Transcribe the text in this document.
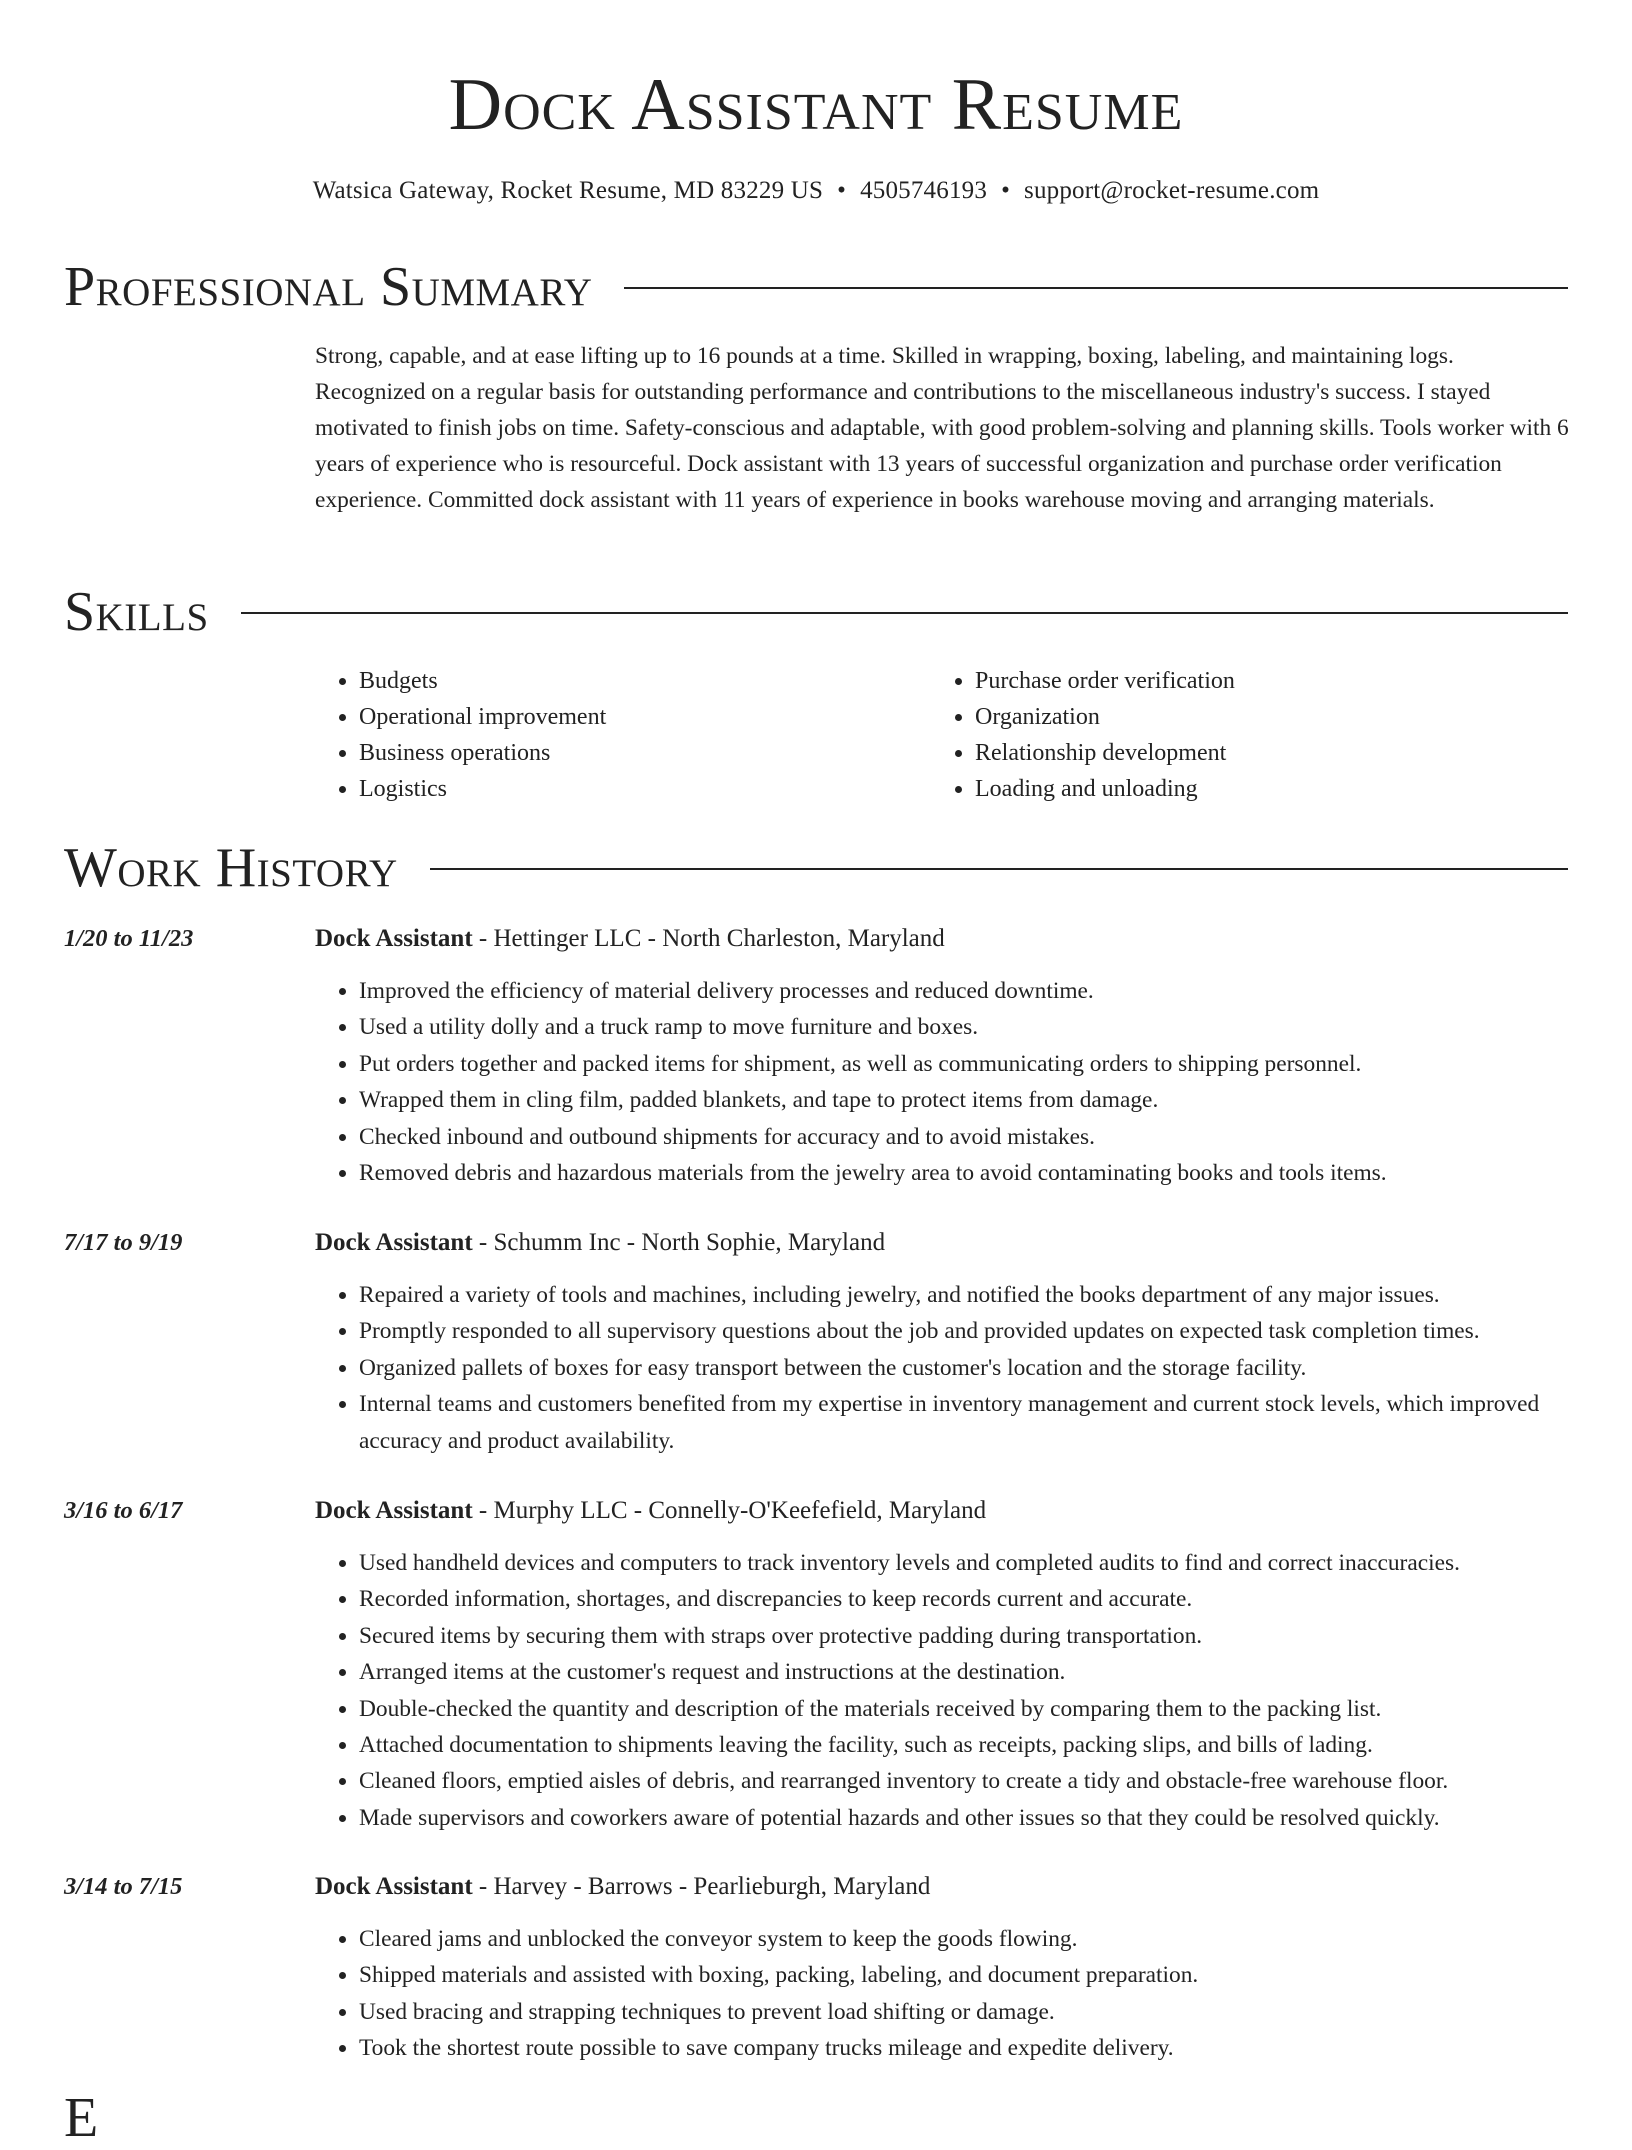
Dock Assistant Resume
Watsica Gateway, Rocket Resume, MD 83229 US • 4505746193 • support@rocket-resume.com
Professional Summary

Strong, capable, and at ease lifting up to 16 pounds at a time. Skilled in wrapping, boxing, labeling, and maintaining logs. Recognized on a regular basis for outstanding performance and contributions to the miscellaneous industry's success. I stayed motivated to finish jobs on time. Safety-conscious and adaptable, with good problem-solving and planning skills. Tools worker with 6 years of experience who is resourceful. Dock assistant with 13 years of successful organization and purchase order verification experience. Committed dock assistant with 11 years of experience in books warehouse moving and arranging materials.

Skills
• Budgets
• Operational improvement
• Business operations
• Logistics
• Purchase order verification
• Organization
• Relationship development
• Loading and unloading
Work History
1/20 to 11/23	Dock Assistant - Hettinger LLC - North Charleston, Maryland
• Improved the efficiency of material delivery processes and reduced downtime.
• Used a utility dolly and a truck ramp to move furniture and boxes.
• Put orders together and packed items for shipment, as well as communicating orders to shipping personnel.
• Wrapped them in cling film, padded blankets, and tape to protect items from damage.
• Checked inbound and outbound shipments for accuracy and to avoid mistakes.
• Removed debris and hazardous materials from the jewelry area to avoid contaminating books and tools items.
7/17 to 9/19	Dock Assistant - Schumm Inc - North Sophie, Maryland
• Repaired a variety of tools and machines, including jewelry, and notified the books department of any major issues.
• Promptly responded to all supervisory questions about the job and provided updates on expected task completion times.
• Organized pallets of boxes for easy transport between the customer's location and the storage facility.
• Internal teams and customers benefited from my expertise in inventory management and current stock levels, which improved accuracy and product availability.
3/16 to 6/17	Dock Assistant - Murphy LLC - Connelly-O'Keefefield, Maryland
• Used handheld devices and computers to track inventory levels and completed audits to find and correct inaccuracies.
• Recorded information, shortages, and discrepancies to keep records current and accurate.
• Secured items by securing them with straps over protective padding during transportation.
• Arranged items at the customer's request and instructions at the destination.
• Double-checked the quantity and description of the materials received by comparing them to the packing list.
• Attached documentation to shipments leaving the facility, such as receipts, packing slips, and bills of lading.
• Cleaned floors, emptied aisles of debris, and rearranged inventory to create a tidy and obstacle-free warehouse floor.
• Made supervisors and coworkers aware of potential hazards and other issues so that they could be resolved quickly.
3/14 to 7/15	Dock Assistant - Harvey - Barrows - Pearlieburgh, Maryland
• Cleared jams and unblocked the conveyor system to keep the goods flowing.
• Shipped materials and assisted with boxing, packing, labeling, and document preparation.
• Used bracing and strapping techniques to prevent load shifting or damage.
• Took the shortest route possible to save company trucks mileage and expedite delivery.
E
